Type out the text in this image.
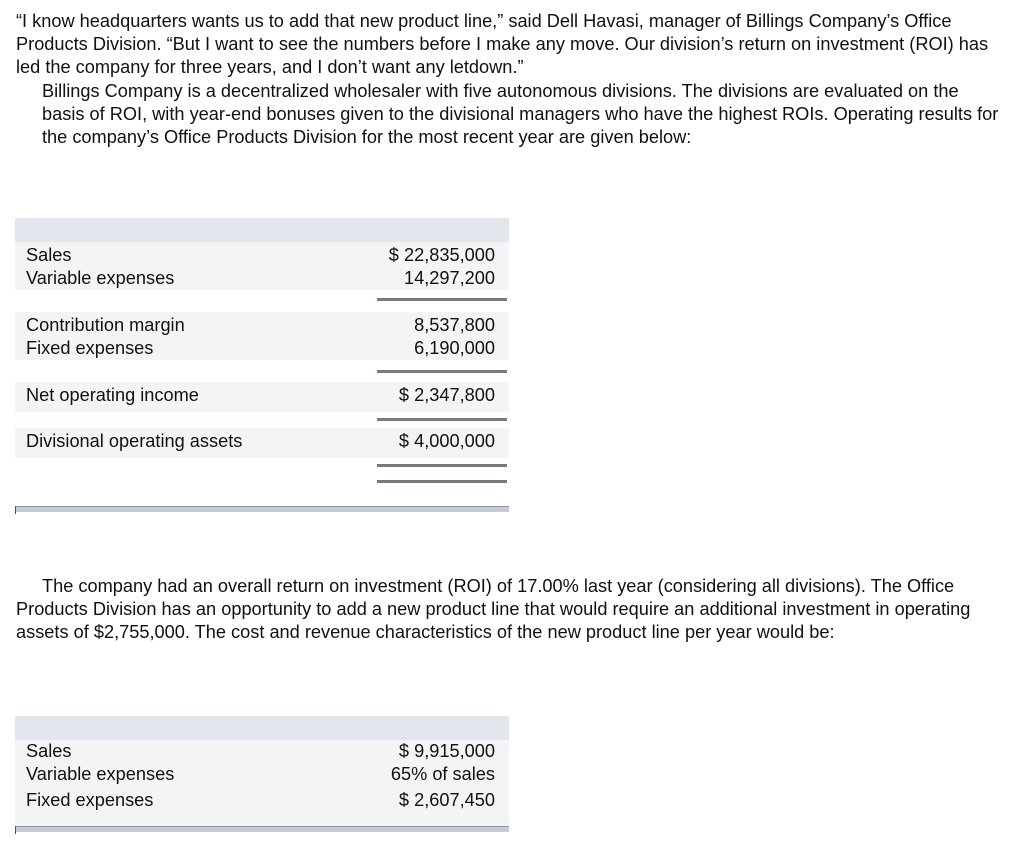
“I know headquarters wants us to add that new product line,” said Dell Havasi, manager of Billings Company’s Office Products Division. “But I want to see the numbers before I make any move. Our division’s return on investment (ROI) has led the company for three years, and I don’t want any letdown.”

Billings Company is a decentralized wholesaler with five autonomous divisions. The divisions are evaluated on the basis of ROI, with year-end bonuses given to the divisional managers who have the highest ROIs. Operating results for the company’s Office Products Division for the most recent year are given below:

Sales	$ 22,835,000
Variable expenses	14,297,200
Contribution margin	8,537,800
Fixed expenses	6,190,000
Net operating income	$ 2,347,800
Divisional operating assets	$ 4,000,000

The company had an overall return on investment (ROI) of 17.00% last year (considering all divisions). The Office Products Division has an opportunity to add a new product line that would require an additional investment in operating assets of $2,755,000. The cost and revenue characteristics of the new product line per year would be:

Sales	$ 9,915,000
Variable expenses	65% of sales
Fixed expenses	$ 2,607,450
